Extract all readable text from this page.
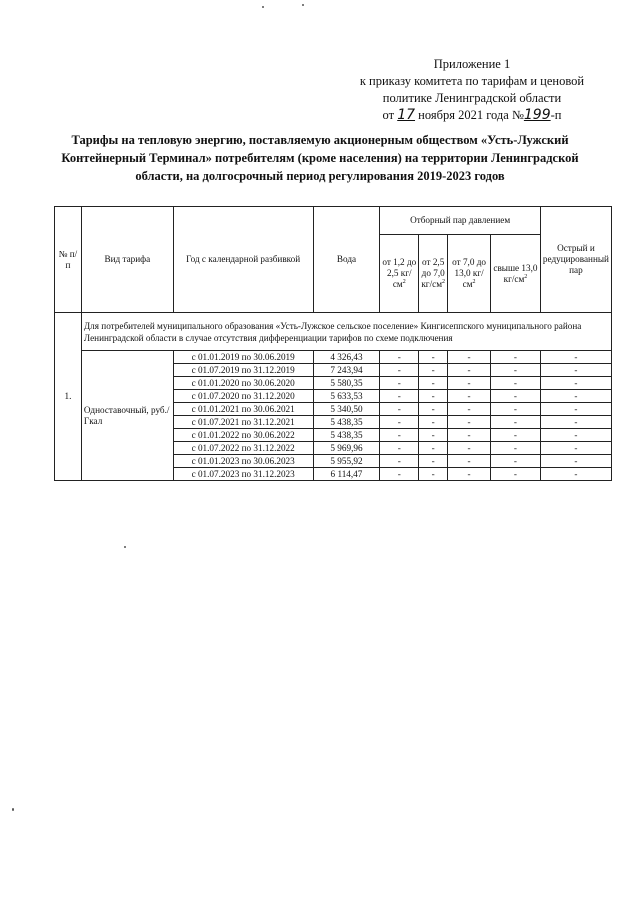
Приложение 1
к приказу комитета по тарифам и ценовой
политике Ленинградской области
от 17 ноября 2021 года №199-п
Тарифы на тепловую энергию, поставляемую акционерным обществом «Усть-Лужский Контейнерный Терминал» потребителям (кроме населения) на территории Ленинградской области, на долгосрочный период регулирования 2019-2023 годов
№ п/п	Вид тарифа	Год с календарной разбивкой	Вода	Отборный пар давлением				Острый и редуцированный пар
				от 1,2 до 2,5 $кг/см^2$	от 2,5 до 7,0 $кг/см^2$	от 7,0 до 13,0 $кг/см^2$	свыше 13,0 $кг/см^2$
1.	Для потребителей муниципального образования «Усть-Лужское сельское поселение» Кингисеппского муниципального района Ленинградской области в случае отсутствия дифференциации тарифов по схеме подключения							
	Одноставочный, руб./Гкал	с 01.01.2019 по 30.06.2019	4 326,43	-	-	-	-	-
		с 01.07.2019 по 31.12.2019	7 243,94	-	-	-	-	-
		с 01.01.2020 по 30.06.2020	5 580,35	-	-	-	-	-
		с 01.07.2020 по 31.12.2020	5 633,53	-	-	-	-	-
		с 01.01.2021 по 30.06.2021	5 340,50	-	-	-	-	-
		с 01.07.2021 по 31.12.2021	5 438,35	-	-	-	-	-
		с 01.01.2022 по 30.06.2022	5 438,35	-	-	-	-	-
		с 01.07.2022 по 31.12.2022	5 969,96	-	-	-	-	-
		с 01.01.2023 по 30.06.2023	5 955,92	-	-	-	-	-
		с 01.07.2023 по 31.12.2023	6 114,47	-	-	-	-	-
